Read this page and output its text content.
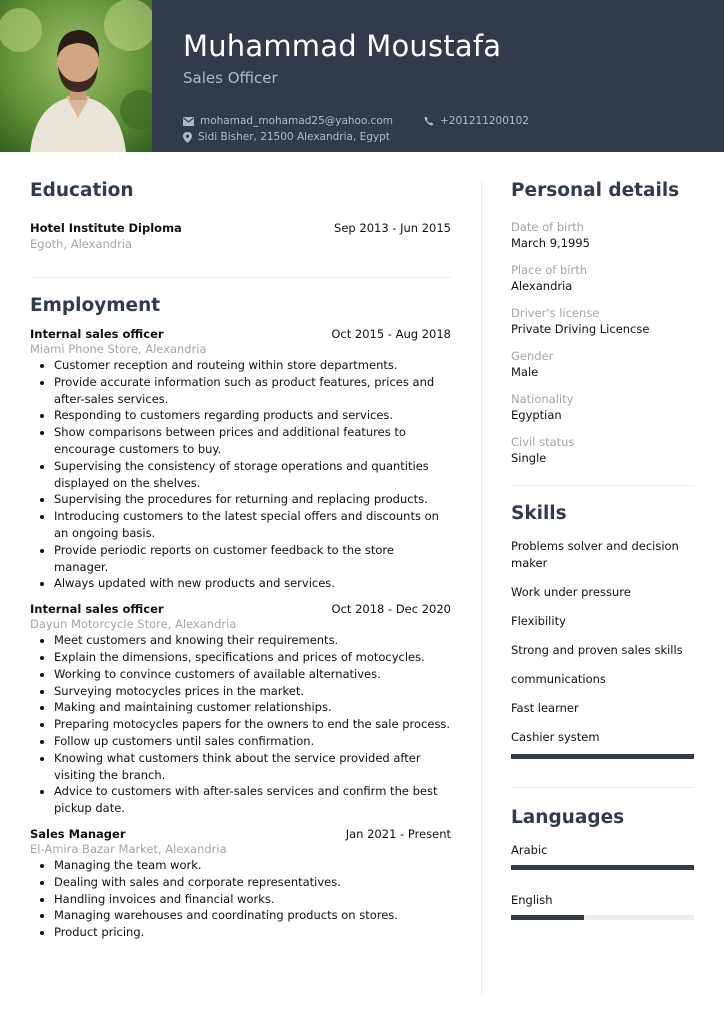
Muhammad Moustafa
Sales Officer
mohamad_mohamad25@yahoo.com	+201211200102
Sidi Bisher, 21500 Alexandria, Egypt
Education
Hotel Institute Diploma	Sep 2013 - Jun 2015
Egoth, Alexandria
Employment
Internal sales officer	Oct 2015 - Aug 2018
Miami Phone Store, Alexandria
• Customer reception and routeing within store departments.
• Provide accurate information such as product features, prices and after-sales services.
• Responding to customers regarding products and services.
• Show comparisons between prices and additional features to encourage customers to buy.
• Supervising the consistency of storage operations and quantities displayed on the shelves.
• Supervising the procedures for returning and replacing products.
• Introducing customers to the latest special offers and discounts on an ongoing basis.
• Provide periodic reports on customer feedback to the store manager.
• Always updated with new products and services.
Internal sales officer	Oct 2018 - Dec 2020
Dayun Motorcycle Store, Alexandria
• Meet customers and knowing their requirements.
• Explain the dimensions, specifications and prices of motocycles.
• Working to convince customers of available alternatives.
• Surveying motocycles prices in the market.
• Making and maintaining customer relationships.
• Preparing motocycles papers for the owners to end the sale process.
• Follow up customers until sales confirmation.
• Knowing what customers think about the service provided after visiting the branch.
• Advice to customers with after-sales services and confirm the best pickup date.
Sales Manager	Jan 2021 - Present
El-Amira Bazar Market, Alexandria
• Managing the team work.
• Dealing with sales and corporate representatives.
• Handling invoices and financial works.
• Managing warehouses and coordinating products on stores.
• Product pricing.
Personal details
Date of birth
March 9,1995
Place of birth
Alexandria
Driver's license
Private Driving Licencse
Gender
Male
Nationality
Egyptian
Civil status
Single
Skills
Problems solver and decision maker
Work under pressure
Flexibility
Strong and proven sales skills
communications
Fast learner
Cashier system
Languages
Arabic
English
